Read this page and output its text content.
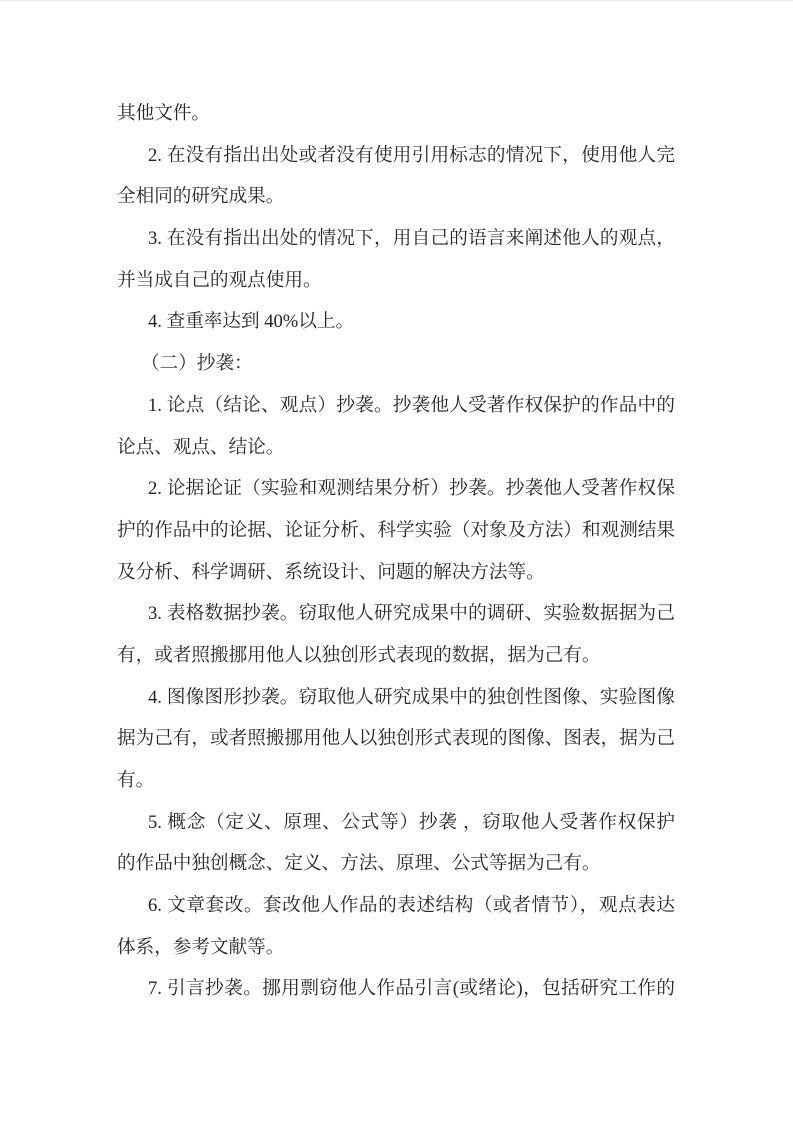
其他文件。
2. 在没有指出出处或者没有使用引用标志的情况下，使用他人完
全相同的研究成果。
3. 在没有指出出处的情况下，用自己的语言来阐述他人的观点，
并当成自己的观点使用。
4. 查重率达到 40%以上。
（二）抄袭：
1. 论点（结论、观点）抄袭。抄袭他人受著作权保护的作品中的
论点、观点、结论。
2. 论据论证（实验和观测结果分析）抄袭。抄袭他人受著作权保
护的作品中的论据、论证分析、科学实验（对象及方法）和观测结果
及分析、科学调研、系统设计、问题的解决方法等。
3. 表格数据抄袭。窃取他人研究成果中的调研、实验数据据为己
有，或者照搬挪用他人以独创形式表现的数据，据为己有。
4. 图像图形抄袭。窃取他人研究成果中的独创性图像、实验图像
据为己有，或者照搬挪用他人以独创形式表现的图像、图表，据为己
有。
5. 概念（定义、原理、公式等）抄袭 ，窃取他人受著作权保护
的作品中独创概念、定义、方法、原理、公式等据为己有。
6. 文章套改。套改他人作品的表述结构（或者情节），观点表达
体系，参考文献等。
7. 引言抄袭。挪用剽窃他人作品引言(或绪论)，包括研究工作的
